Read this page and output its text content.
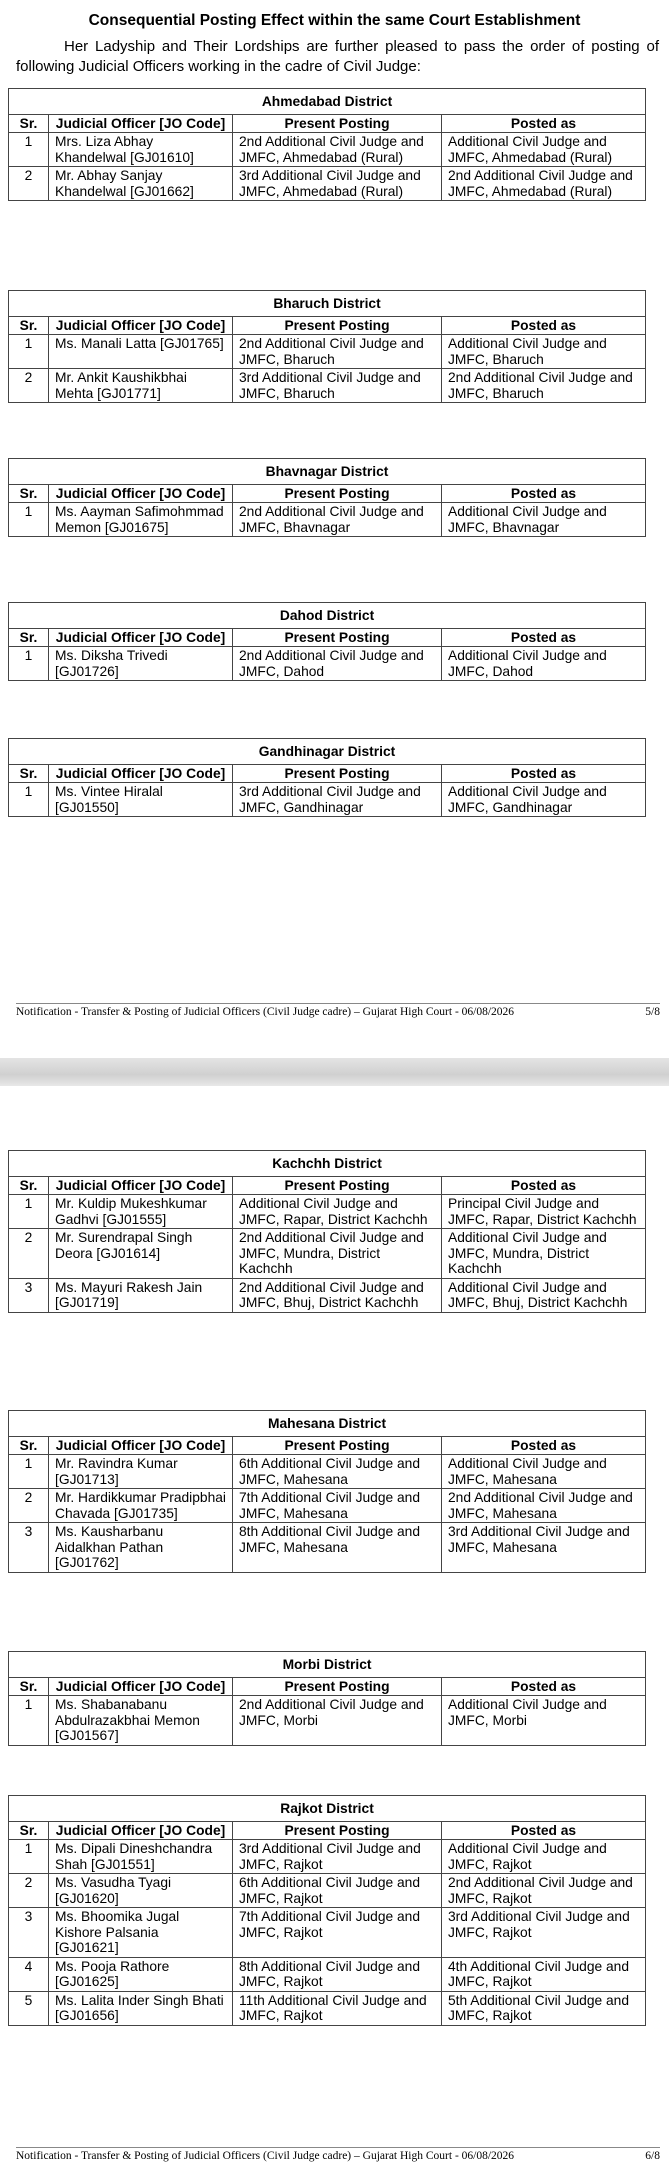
Consequential Posting Effect within the same Court Establishment
Her Ladyship and Their Lordships are further pleased to pass the order of posting of following Judicial Officers working in the cadre of Civil Judge:
Notification - Transfer & Posting of Judicial Officers (Civil Judge cadre) – Gujarat High Court - 06/08/2026	5/8
Ahmedabad District			
Sr.	Judicial Officer [JO Code]	Present Posting	Posted as
1	Mrs. Liza Abhay Khandelwal [GJ01610]	2nd Additional Civil Judge and JMFC, Ahmedabad (Rural)	Additional Civil Judge and JMFC, Ahmedabad (Rural)
2	Mr. Abhay Sanjay Khandelwal [GJ01662]	3rd Additional Civil Judge and JMFC, Ahmedabad (Rural)	2nd Additional Civil Judge and JMFC, Ahmedabad (Rural)
Bharuch District			
Sr.	Judicial Officer [JO Code]	Present Posting	Posted as
1	Ms. Manali Latta [GJ01765]	2nd Additional Civil Judge and JMFC, Bharuch	Additional Civil Judge and JMFC, Bharuch
2	Mr. Ankit Kaushikbhai Mehta [GJ01771]	3rd Additional Civil Judge and JMFC, Bharuch	2nd Additional Civil Judge and JMFC, Bharuch
Bhavnagar District			
Sr.	Judicial Officer [JO Code]	Present Posting	Posted as
1	Ms. Aayman Safimohmmad Memon [GJ01675]	2nd Additional Civil Judge and JMFC, Bhavnagar	Additional Civil Judge and JMFC, Bhavnagar
Dahod District			
Sr.	Judicial Officer [JO Code]	Present Posting	Posted as
1	Ms. Diksha Trivedi [GJ01726]	2nd Additional Civil Judge and JMFC, Dahod	Additional Civil Judge and JMFC, Dahod
Gandhinagar District			
Sr.	Judicial Officer [JO Code]	Present Posting	Posted as
1	Ms. Vintee Hiralal [GJ01550]	3rd Additional Civil Judge and JMFC, Gandhinagar	Additional Civil Judge and JMFC, Gandhinagar
Notification - Transfer & Posting of Judicial Officers (Civil Judge cadre) – Gujarat High Court - 06/08/2026	6/8
Kachchh District			
Sr.	Judicial Officer [JO Code]	Present Posting	Posted as
1	Mr. Kuldip Mukeshkumar Gadhvi [GJ01555]	Additional Civil Judge and JMFC, Rapar, District Kachchh	Principal Civil Judge and JMFC, Rapar, District Kachchh
2	Mr. Surendrapal Singh Deora [GJ01614]	2nd Additional Civil Judge and JMFC, Mundra, District Kachchh	Additional Civil Judge and JMFC, Mundra, District Kachchh
3	Ms. Mayuri Rakesh Jain [GJ01719]	2nd Additional Civil Judge and JMFC, Bhuj, District Kachchh	Additional Civil Judge and JMFC, Bhuj, District Kachchh
Mahesana District			
Sr.	Judicial Officer [JO Code]	Present Posting	Posted as
1	Mr. Ravindra Kumar [GJ01713]	6th Additional Civil Judge and JMFC, Mahesana	Additional Civil Judge and JMFC, Mahesana
2	Mr. Hardikkumar Pradipbhai Chavada [GJ01735]	7th Additional Civil Judge and JMFC, Mahesana	2nd Additional Civil Judge and JMFC, Mahesana
3	Ms. Kausharbanu Aidalkhan Pathan [GJ01762]	8th Additional Civil Judge and JMFC, Mahesana	3rd Additional Civil Judge and JMFC, Mahesana
Morbi District			
Sr.	Judicial Officer [JO Code]	Present Posting	Posted as
1	Ms. Shabanabanu Abdulrazakbhai Memon [GJ01567]	2nd Additional Civil Judge and JMFC, Morbi	Additional Civil Judge and JMFC, Morbi
Rajkot District			
Sr.	Judicial Officer [JO Code]	Present Posting	Posted as
1	Ms. Dipali Dineshchandra Shah [GJ01551]	3rd Additional Civil Judge and JMFC, Rajkot	Additional Civil Judge and JMFC, Rajkot
2	Ms. Vasudha Tyagi [GJ01620]	6th Additional Civil Judge and JMFC, Rajkot	2nd Additional Civil Judge and JMFC, Rajkot
3	Ms. Bhoomika Jugal Kishore Palsania [GJ01621]	7th Additional Civil Judge and JMFC, Rajkot	3rd Additional Civil Judge and JMFC, Rajkot
4	Ms. Pooja Rathore [GJ01625]	8th Additional Civil Judge and JMFC, Rajkot	4th Additional Civil Judge and JMFC, Rajkot
5	Ms. Lalita Inder Singh Bhati [GJ01656]	11th Additional Civil Judge and JMFC, Rajkot	5th Additional Civil Judge and JMFC, Rajkot
